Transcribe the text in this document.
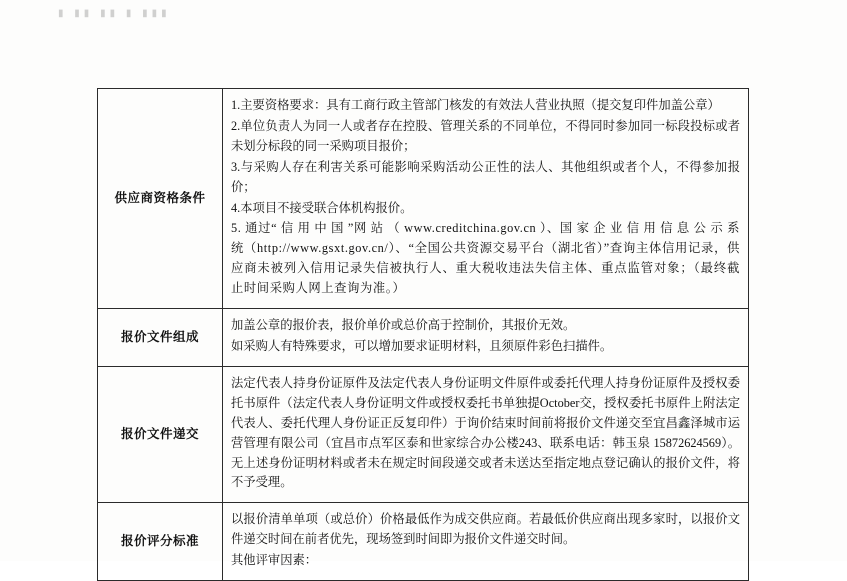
▮ ▮▮ ▮▮ ▮ ▮▮▮
供应商资格条件	1.主要资格要求：具有工商行政主管部门核发的有效法人营业执照（提交复印件加盖公章）

2.单位负责人为同一人或者存在控股、管理关系的不同单位，不得同时参加同一标段投标或者未划分标段的同一采购项目报价；

3.与采购人存在利害关系可能影响采购活动公正性的法人、其他组织或者个人，不得参加报价；

4.本项目不接受联合体机构报价。

5. 通过“ 信 用 中 国 ”网 站 （ www.creditchina.gov.cn ）、国 家 企 业 信 用 信 息 公 示 系 统（http://www.gsxt.gov.cn/）、“全国公共资源交易平台（湖北省）”查询主体信用记录，供应商未被列入信用记录失信被执行人、重大税收违法失信主体、重点监管对象；（最终截止时间采购人网上查询为准。）

报价文件组成	加盖公章的报价表，报价单价或总价高于控制价，其报价无效。

如采购人有特殊要求，可以增加要求证明材料，且须原件彩色扫描件。

报价文件递交	法定代表人持身份证原件及法定代表人身份证明文件原件或委托代理人持身份证原件及授权委托书原件（法定代表人身份证明文件或授权委托书单独提October交，授权委托书原件上附法定代表人、委托代理人身份证正反复印件）于询价结束时间前将报价文件递交至宜昌鑫泽城市运营管理有限公司（宜昌市点军区泰和世家综合办公楼243、联系电话：韩玉泉 15872624569）。无上述身份证明材料或者未在规定时间段递交或者未送达至指定地点登记确认的报价文件，将不予受理。

报价评分标准	以报价清单单项（或总价）价格最低作为成交供应商。若最低价供应商出现多家时，以报价文件递交时间在前者优先，现场签到时间即为报价文件递交时间。

其他评审因素：
